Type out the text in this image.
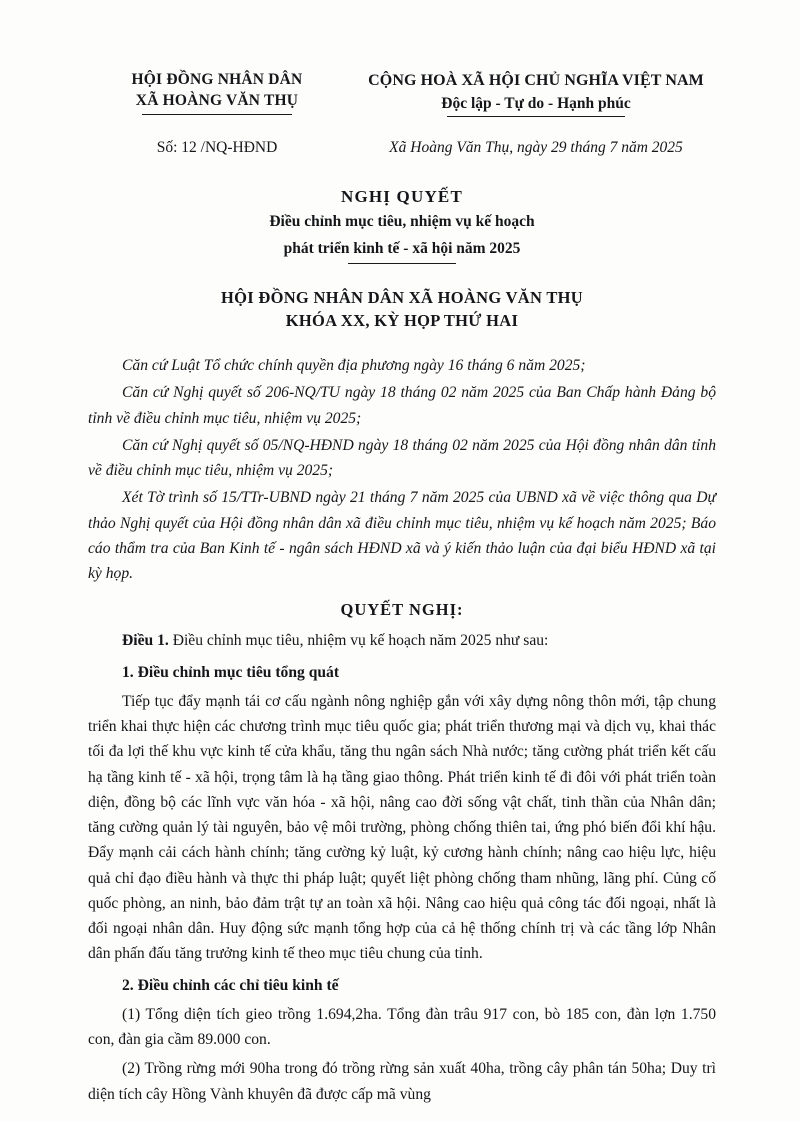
HỘI ĐỒNG NHÂN DÂN
XÃ HOÀNG VĂN THỤ
CỘNG HOÀ XÃ HỘI CHỦ NGHĨA VIỆT NAM
Độc lập - Tự do - Hạnh phúc
Số: 12 /NQ-HĐND	Xã Hoàng Văn Thụ, ngày 29 tháng 7 năm 2025
NGHỊ QUYẾT
Điều chỉnh mục tiêu, nhiệm vụ kế hoạch
phát triển kinh tế - xã hội năm 2025
HỘI ĐỒNG NHÂN DÂN XÃ HOÀNG VĂN THỤ
KHÓA XX, KỲ HỌP THỨ HAI
Căn cứ Luật Tổ chức chính quyền địa phương ngày 16 tháng 6 năm 2025;
Căn cứ Nghị quyết số 206-NQ/TU ngày 18 tháng 02 năm 2025 của Ban Chấp hành Đảng bộ tỉnh về điều chỉnh mục tiêu, nhiệm vụ 2025;
Căn cứ Nghị quyết số 05/NQ-HĐND ngày 18 tháng 02 năm 2025 của Hội đồng nhân dân tỉnh về điều chỉnh mục tiêu, nhiệm vụ 2025;
Xét Tờ trình số 15/TTr-UBND ngày 21 tháng 7 năm 2025 của UBND xã về việc thông qua Dự thảo Nghị quyết của Hội đồng nhân dân xã điều chỉnh mục tiêu, nhiệm vụ kế hoạch năm 2025; Báo cáo thẩm tra của Ban Kinh tế - ngân sách HĐND xã và ý kiến thảo luận của đại biểu HĐND xã tại kỳ họp.
QUYẾT NGHỊ:
Điều 1. Điều chỉnh mục tiêu, nhiệm vụ kế hoạch năm 2025 như sau:
1. Điều chỉnh mục tiêu tổng quát
Tiếp tục đẩy mạnh tái cơ cấu ngành nông nghiệp gắn với xây dựng nông thôn mới, tập chung triển khai thực hiện các chương trình mục tiêu quốc gia; phát triển thương mại và dịch vụ, khai thác tối đa lợi thế khu vực kinh tế cửa khẩu, tăng thu ngân sách Nhà nước; tăng cường phát triển kết cấu hạ tầng kinh tế - xã hội, trọng tâm là hạ tầng giao thông. Phát triển kinh tế đi đôi với phát triển toàn diện, đồng bộ các lĩnh vực văn hóa - xã hội, nâng cao đời sống vật chất, tinh thần của Nhân dân; tăng cường quản lý tài nguyên, bảo vệ môi trường, phòng chống thiên tai, ứng phó biến đổi khí hậu. Đẩy mạnh cải cách hành chính; tăng cường kỷ luật, kỷ cương hành chính; nâng cao hiệu lực, hiệu quả chỉ đạo điều hành và thực thi pháp luật; quyết liệt phòng chống tham nhũng, lãng phí. Củng cố quốc phòng, an ninh, bảo đảm trật tự an toàn xã hội. Nâng cao hiệu quả công tác đối ngoại, nhất là đối ngoại nhân dân. Huy động sức mạnh tổng hợp của cả hệ thống chính trị và các tầng lớp Nhân dân phấn đấu tăng trưởng kinh tế theo mục tiêu chung của tỉnh.
2. Điều chỉnh các chỉ tiêu kinh tế
(1) Tổng diện tích gieo trồng 1.694,2ha. Tổng đàn trâu 917 con, bò 185 con, đàn lợn 1.750 con, đàn gia cầm 89.000 con.
(2) Trồng rừng mới 90ha trong đó trồng rừng sản xuất 40ha, trồng cây phân tán 50ha; Duy trì diện tích cây Hồng Vành khuyên đã được cấp mã vùng
